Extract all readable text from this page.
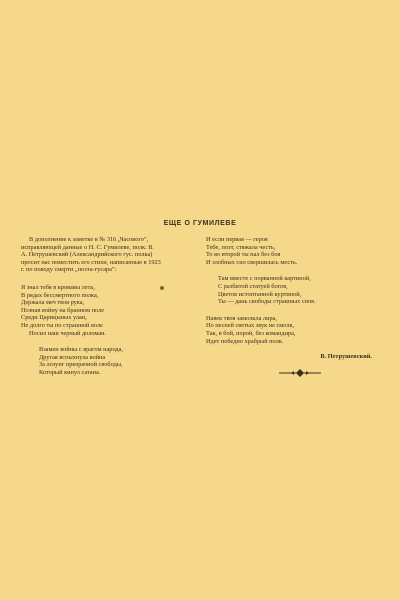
ЕЩЕ О ГУМИЛЕВЕ
В дополнение к заметке в № 316 „Часового",
исправляющей данные о Н. С. Гумилеве, полк. В.
А. Петрушевский (Александрийского гус. полка)
просит нас поместить его стихи, написанные в 1923
г. по поводу смерти „поэта-гусара":
Я знал тебя в кровавы лета,
В рядах бессмертного полка,
Держала меч твоя рука,
Познав войну на бранном поле
Среди Царицыных улан,
Не долго ты по страшной воле
Носил наш черный доломан.
Взамен войны с врагом народа,
Другая вспыхнула война
За лозунг призрачной свободы,
Который кинул сатана.
И если первая — героя
Тебе, поэт, стяжала честь,
То во второй ты пал без боя
И злобных сил свершилась месть.
Там вместе с порванной картиной,
С разбитой статуей богов,
Цветов истоптанной куртиной,
Ты — дань свободы страшных снов.
Навек твоя замолкла лира,
Но песней светых звук не смолк,
Так, в бой, порой, без командира,
Идет победно храбрый полк.
В. Петрушевский.
